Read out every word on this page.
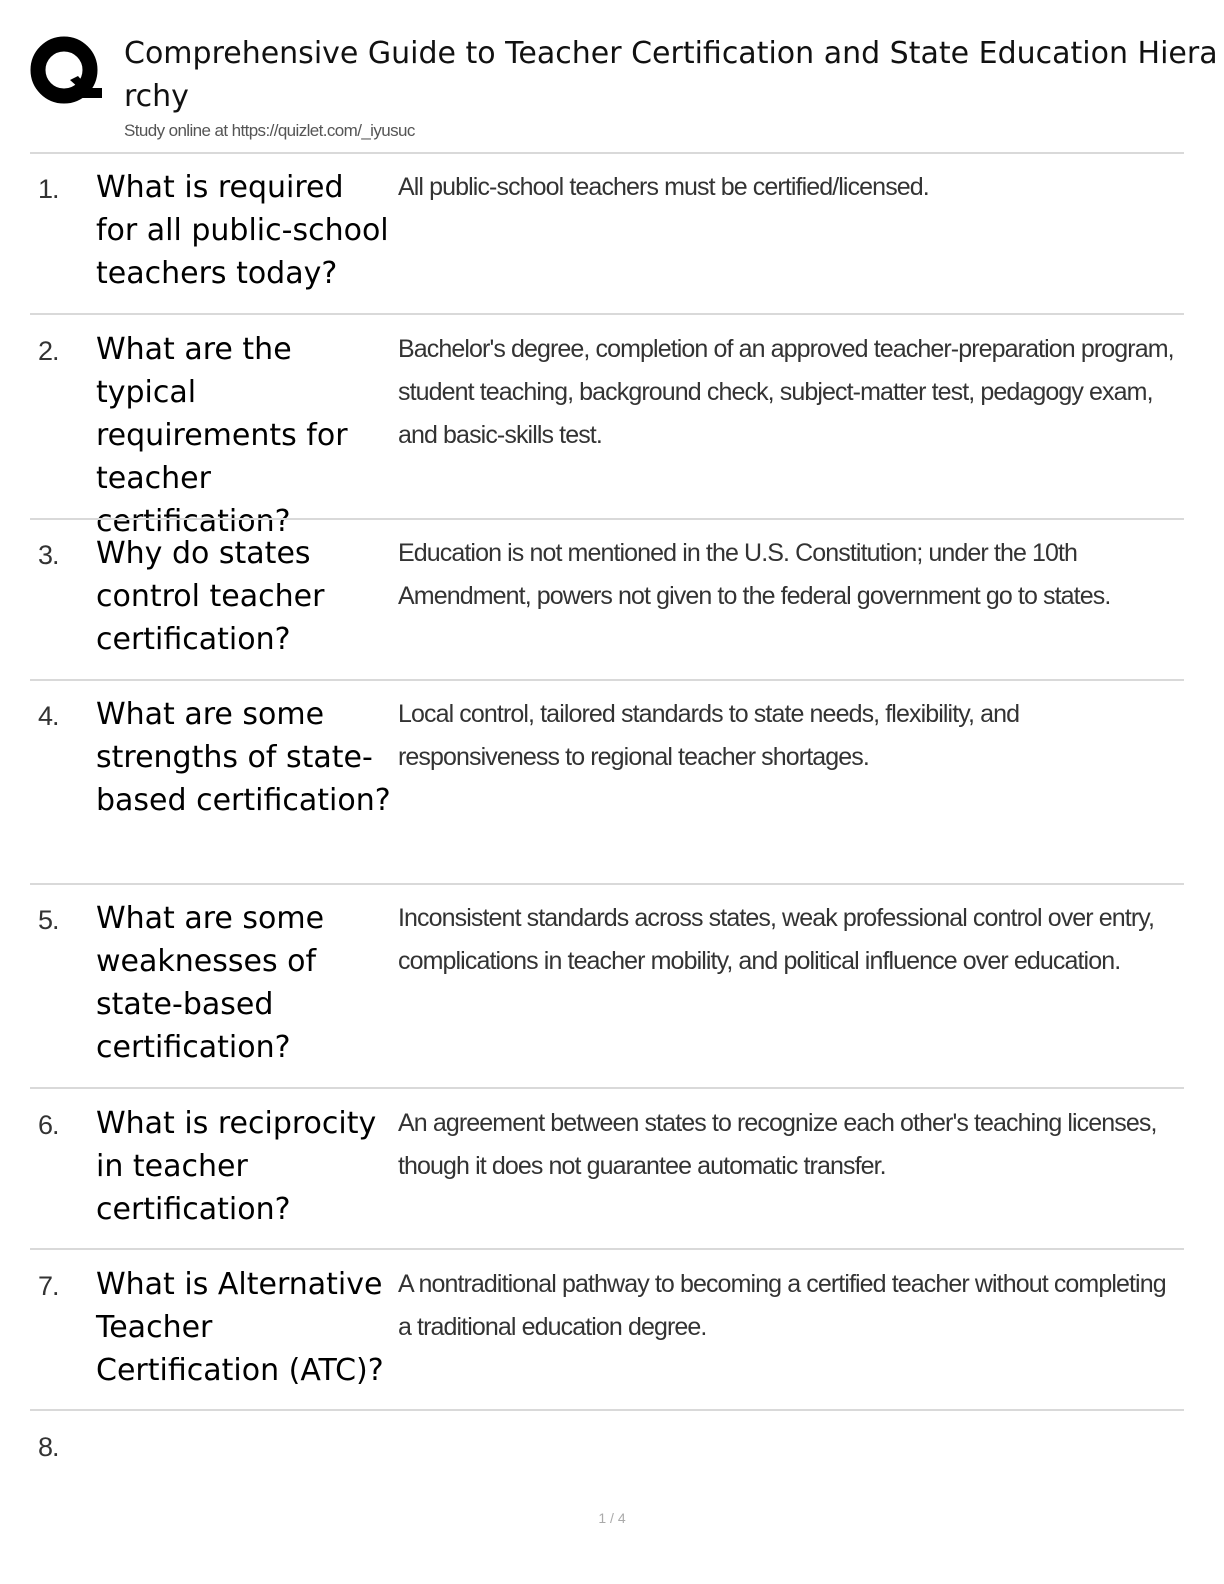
Comprehensive Guide to Teacher Certification and State Education Hierarchy
Study online at https://quizlet.com/_iyusuc
1. What is required for all public-school teachers today?
All public-school teachers must be certified/licensed.
2. What are the typical requirements for teacher certification?
Bachelor's degree, completion of an approved teacher-preparation program, student teaching, background check, subject-matter test, pedagogy exam, and basic-skills test.
3. Why do states control teacher certification?
Education is not mentioned in the U.S. Constitution; under the 10th Amendment, powers not given to the federal government go to states.
4. What are some strengths of state-based certification?
Local control, tailored standards to state needs, flexibility, and responsiveness to regional teacher shortages.
5. What are some weaknesses of state-based certification?
Inconsistent standards across states, weak professional control over entry, complications in teacher mobility, and political influence over education.
6. What is reciprocity in teacher certification?
An agreement between states to recognize each other's teaching licenses, though it does not guarantee automatic transfer.
7. What is Alternative Teacher Certification (ATC)?
A nontraditional pathway to becoming a certified teacher without completing a traditional education degree.
8.
1 / 4
